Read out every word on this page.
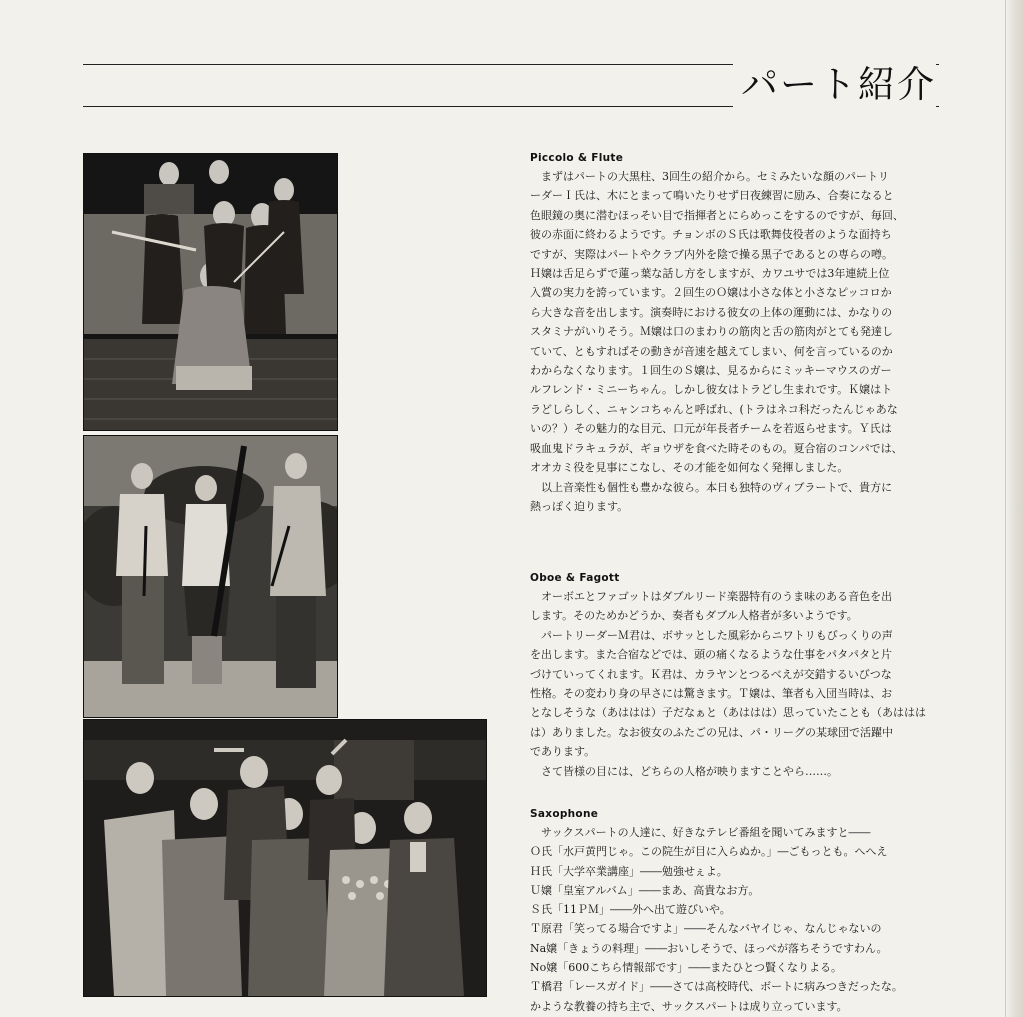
パート紹介
Piccolo & Flute

　まずはパートの大黒柱、3回生の紹介から。セミみたいな顔のパートリ
ーダーＩ氏は、木にとまって鳴いたりせず日夜練習に励み、合奏になると
色眼鏡の奥に潜むほっそい目で指揮者とにらめっこをするのですが、毎回、
彼の赤面に終わるようです。チョンボのＳ氏は歌舞伎役者のような面持ち
ですが、実際はパートやクラブ内外を陰で操る黒子であるとの専らの噂。
Ｈ嬢は舌足らずで蓮っ葉な話し方をしますが、カワユサでは3年連続上位
入賞の実力を誇っています。２回生のＯ嬢は小さな体と小さなピッコロか
ら大きな音を出します。演奏時における彼女の上体の運動には、かなりの
スタミナがいりそう。Ｍ嬢は口のまわりの筋肉と舌の筋肉がとても発達し
ていて、ともすればその動きが音速を越えてしまい、何を言っているのか
わからなくなります。１回生のＳ嬢は、見るからにミッキーマウスのガー
ルフレンド・ミニーちゃん。しかし彼女はトラどし生まれです。Ｋ嬢はト
ラどしらしく、ニャンコちゃんと呼ばれ、(トラはネコ科だったんじゃあな
いの？）その魅力的な目元、口元が年長者チームを若返らせます。Ｙ氏は
吸血鬼ドラキュラが、ギョウザを食べた時そのもの。夏合宿のコンパでは、
オオカミ役を見事にこなし、その才能を如何なく発揮しました。
　以上音楽性も個性も豊かな彼ら。本日も独特のヴィブラートで、貴方に
熱っぽく迫ります。

Oboe & Fagott

　オーボエとファゴットはダブルリード楽器特有のうま味のある音色を出
します。そのためかどうか、奏者もダブル人格者が多いようです。
　パートリーダーＭ君は、ボサッとした風彩からニワトリもびっくりの声
を出します。また合宿などでは、頭の痛くなるような仕事をパタパタと片
づけていってくれます。Ｋ君は、カラヤンとつるべえが交錯するいびつな
性格。その変わり身の早さには驚きます。Ｔ嬢は、筆者も入団当時は、お
となしそうな（あははは）子だなぁと（あははは）思っていたことも（あははは
は）ありました。なお彼女のふたごの兄は、パ・リーグの某球団で活躍中
であります。
　さて皆様の目には、どちらの人格が映りますことやら……。

Saxophone

　サックスパートの人達に、好きなテレビ番組を聞いてみますと――
Ｏ氏「水戸黄門じゃ。この院生が目に入らぬか。」―ごもっとも。へへえ
Ｈ氏「大学卒業講座」――勉強せぇよ。
Ｕ嬢「皇室アルバム」――まあ、高貴なお方。
Ｓ氏「11ＰＭ」――外へ出て遊びいや。
Ｔ原君「笑ってる場合ですよ」――そんなバヤイじゃ、なんじゃないの
Na嬢「きょうの料理」――おいしそうで、ほっぺが落ちそうですわん。
No嬢「600こちら情報部です」――またひとつ賢くなりよる。
Ｔ橋君「レースガイド」――さては高校時代、ボートに病みつきだったな。
かような教養の持ち主で、サックスパートは成り立っています。
